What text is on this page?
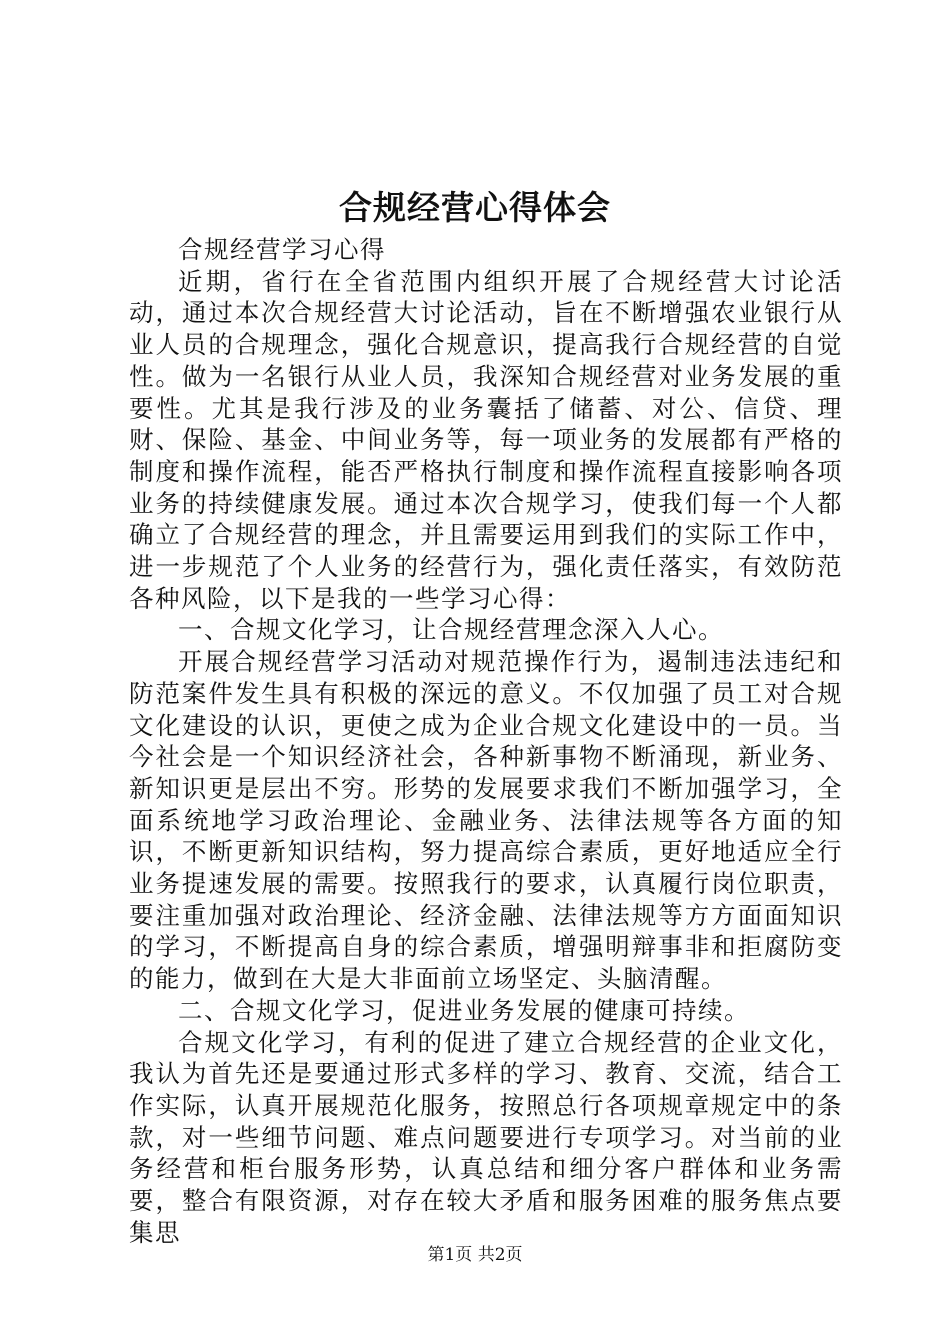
合规经营心得体会

合规经营学习心得

近期，省行在全省范围内组织开展了合规经营大讨论活动，通过本次合规经营大讨论活动，旨在不断增强农业银行从业人员的合规理念，强化合规意识，提高我行合规经营的自觉性。做为一名银行从业人员，我深知合规经营对业务发展的重要性。尤其是我行涉及的业务囊括了储蓄、对公、信贷、理财、保险、基金、中间业务等，每一项业务的发展都有严格的制度和操作流程，能否严格执行制度和操作流程直接影响各项业务的持续健康发展。通过本次合规学习，使我们每一个人都确立了合规经营的理念，并且需要运用到我们的实际工作中，进一步规范了个人业务的经营行为，强化责任落实，有效防范各种风险，以下是我的一些学习心得：

一、合规文化学习，让合规经营理念深入人心。

开展合规经营学习活动对规范操作行为，遏制违法违纪和防范案件发生具有积极的深远的意义。不仅加强了员工对合规文化建设的认识，更使之成为企业合规文化建设中的一员。当今社会是一个知识经济社会，各种新事物不断涌现，新业务、新知识更是层出不穷。形势的发展要求我们不断加强学习，全面系统地学习政治理论、金融业务、法律法规等各方面的知识，不断更新知识结构，努力提高综合素质，更好地适应全行业务提速发展的需要。按照我行的要求，认真履行岗位职责，要注重加强对政治理论、经济金融、法律法规等方方面面知识的学习，不断提高自身的综合素质，增强明辩事非和拒腐防变的能力，做到在大是大非面前立场坚定、头脑清醒。

二、合规文化学习，促进业务发展的健康可持续。

合规文化学习，有利的促进了建立合规经营的企业文化，我认为首先还是要通过形式多样的学习、教育、交流，结合工作实际，认真开展规范化服务，按照总行各项规章规定中的条款，对一些细节问题、难点问题要进行专项学习。对当前的业务经营和柜台服务形势，认真总结和细分客户群体和业务需要，整合有限资源，对存在较大矛盾和服务困难的服务焦点要集思

第1页 共2页
